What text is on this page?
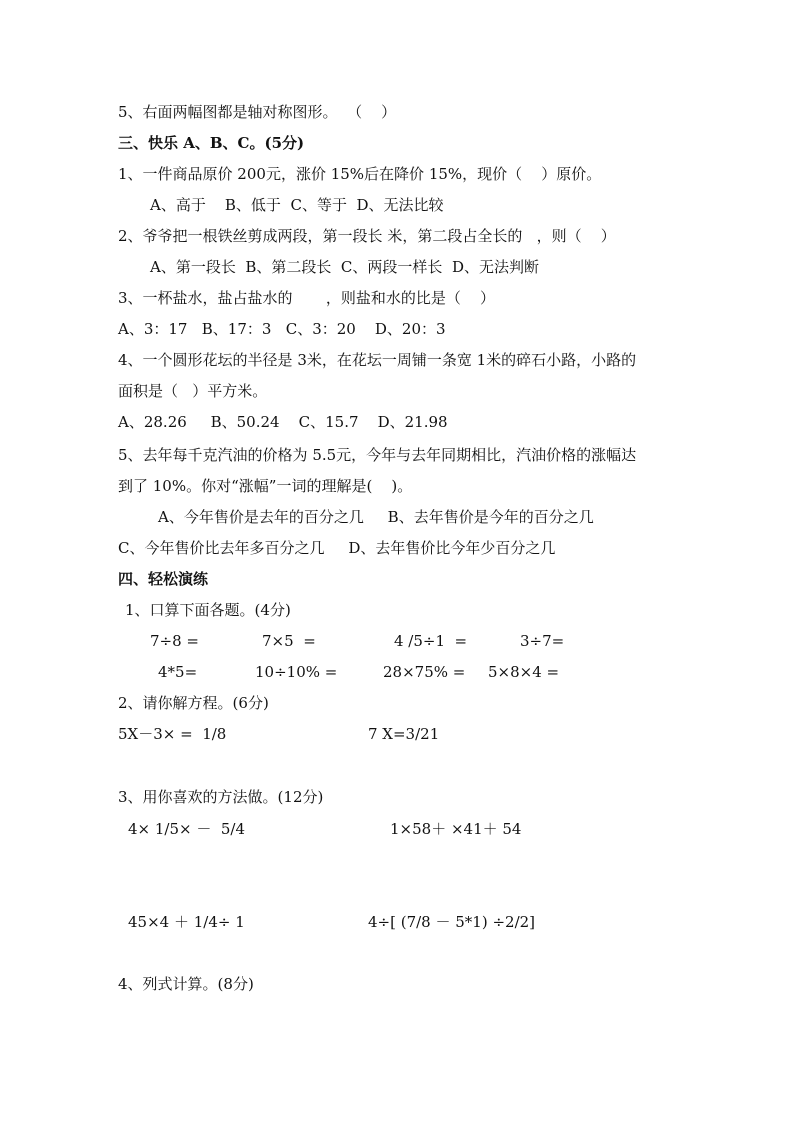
5、右面两幅图都是轴对称图形。  （    ）
三、快乐 A、B、C。(5分)
1、一件商品原价 200元，涨价 15%后在降价 15%，现价（    ）原价。
A、高于    B、低于  C、等于  D、无法比较
2、爷爷把一根铁丝剪成两段，第一段长 米，第二段占全长的   ，则（    ）
A、第一段长  B、第二段长  C、两段一样长  D、无法判断
3、一杯盐水，盐占盐水的       ，则盐和水的比是（    ）
A、3：17   B、17：3   C、3：20    D、20：3
4、一个圆形花坛的半径是 3米，在花坛一周铺一条宽 1米的碎石小路，小路的
面积是（   ）平方米。
A、28.26     B、50.24    C、15.7    D、21.98
5、去年每千克汽油的价格为 5.5元，今年与去年同期相比，汽油价格的涨幅达
到了 10%。你对“涨幅”一词的理解是(    )。
A、今年售价是去年的百分之几     B、去年售价是今年的百分之几
C、今年售价比去年多百分之几     D、去年售价比今年少百分之几
四、轻松演练
1、口算下面各题。(4分)
7÷8 =	7×5  =	4 /5÷1  =	3÷7=
4*5=	10÷10% =	28×75% = 5×8×4 =
2、请你解方程。(6分)
5X－3× =  1/8	7 X=3/21
3、用你喜欢的方法做。(12分)
4× 1/5× －  5/4	1×58＋ ×41＋ 54
45×4 ＋ 1/4÷ 1	4÷[ (7/8 － 5*1) ÷2/2]
4、列式计算。(8分)
